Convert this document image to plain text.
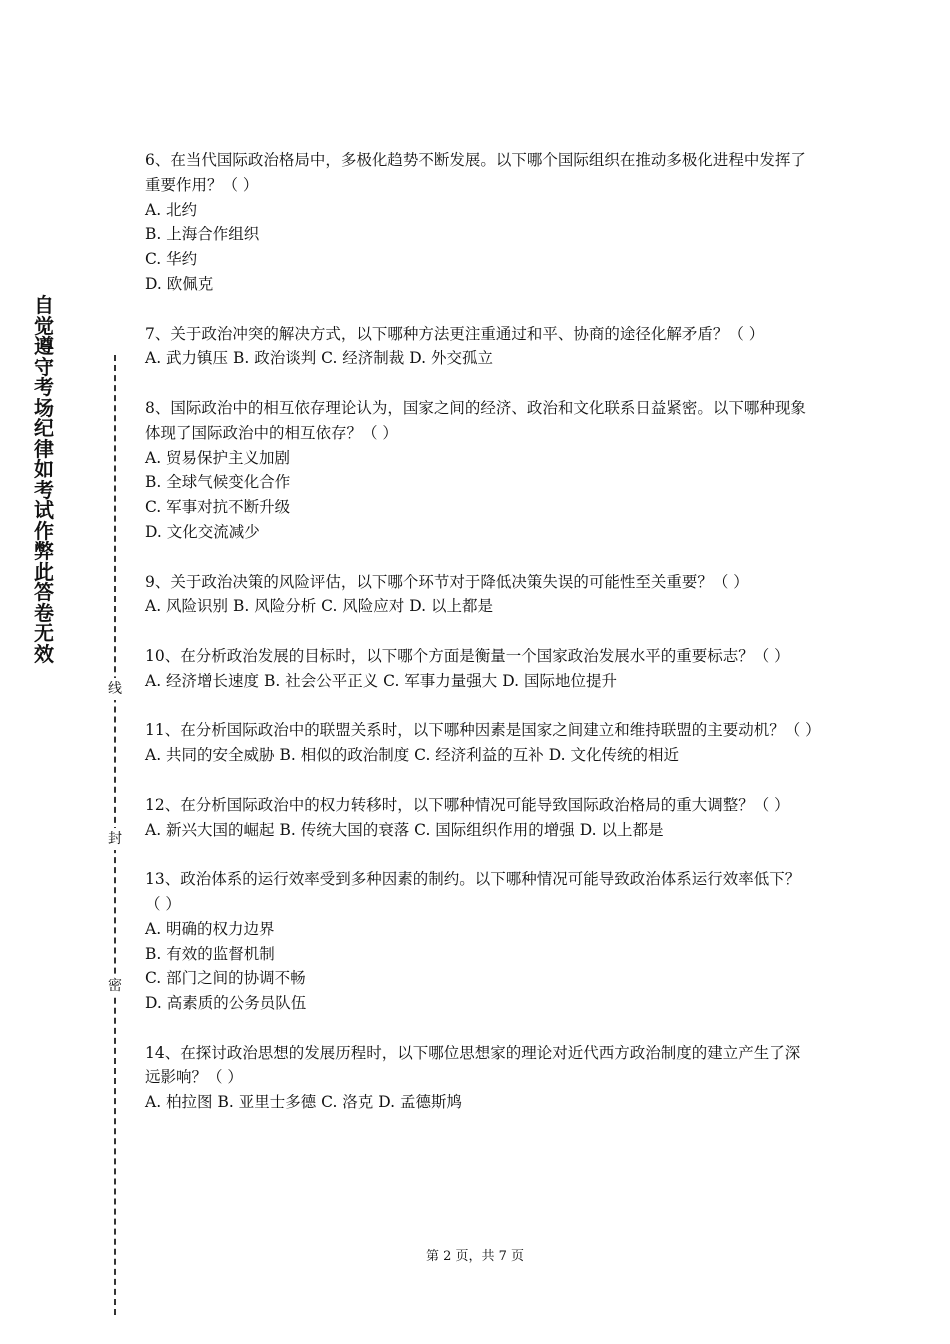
自觉遵守考场纪律如考试作弊此答卷无效
线
封
密

6、在当代国际政治格局中，多极化趋势不断发展。以下哪个国际组织在推动多极化进程中发挥了重要作用？（ ）

A. 北约

B. 上海合作组织

C. 华约

D. 欧佩克

7、关于政治冲突的解决方式，以下哪种方法更注重通过和平、协商的途径化解矛盾？（ ）

A. 武力镇压 B. 政治谈判 C. 经济制裁 D. 外交孤立

8、国际政治中的相互依存理论认为，国家之间的经济、政治和文化联系日益紧密。以下哪种现象体现了国际政治中的相互依存？（ ）

A. 贸易保护主义加剧

B. 全球气候变化合作

C. 军事对抗不断升级

D. 文化交流减少

9、关于政治决策的风险评估，以下哪个环节对于降低决策失误的可能性至关重要？（ ）

A. 风险识别 B. 风险分析 C. 风险应对 D. 以上都是

10、在分析政治发展的目标时，以下哪个方面是衡量一个国家政治发展水平的重要标志？（ ）

A. 经济增长速度 B. 社会公平正义 C. 军事力量强大 D. 国际地位提升

11、在分析国际政治中的联盟关系时，以下哪种因素是国家之间建立和维持联盟的主要动机？（ ）

A. 共同的安全威胁 B. 相似的政治制度 C. 经济利益的互补 D. 文化传统的相近

12、在分析国际政治中的权力转移时，以下哪种情况可能导致国际政治格局的重大调整？（ ）

A. 新兴大国的崛起 B. 传统大国的衰落 C. 国际组织作用的增强 D. 以上都是

13、政治体系的运行效率受到多种因素的制约。以下哪种情况可能导致政治体系运行效率低下？（ ）

A. 明确的权力边界

B. 有效的监督机制

C. 部门之间的协调不畅

D. 高素质的公务员队伍

14、在探讨政治思想的发展历程时，以下哪位思想家的理论对近代西方政治制度的建立产生了深远影响？（ ）

A. 柏拉图 B. 亚里士多德 C. 洛克 D. 孟德斯鸠

第 2 页，共 7 页
